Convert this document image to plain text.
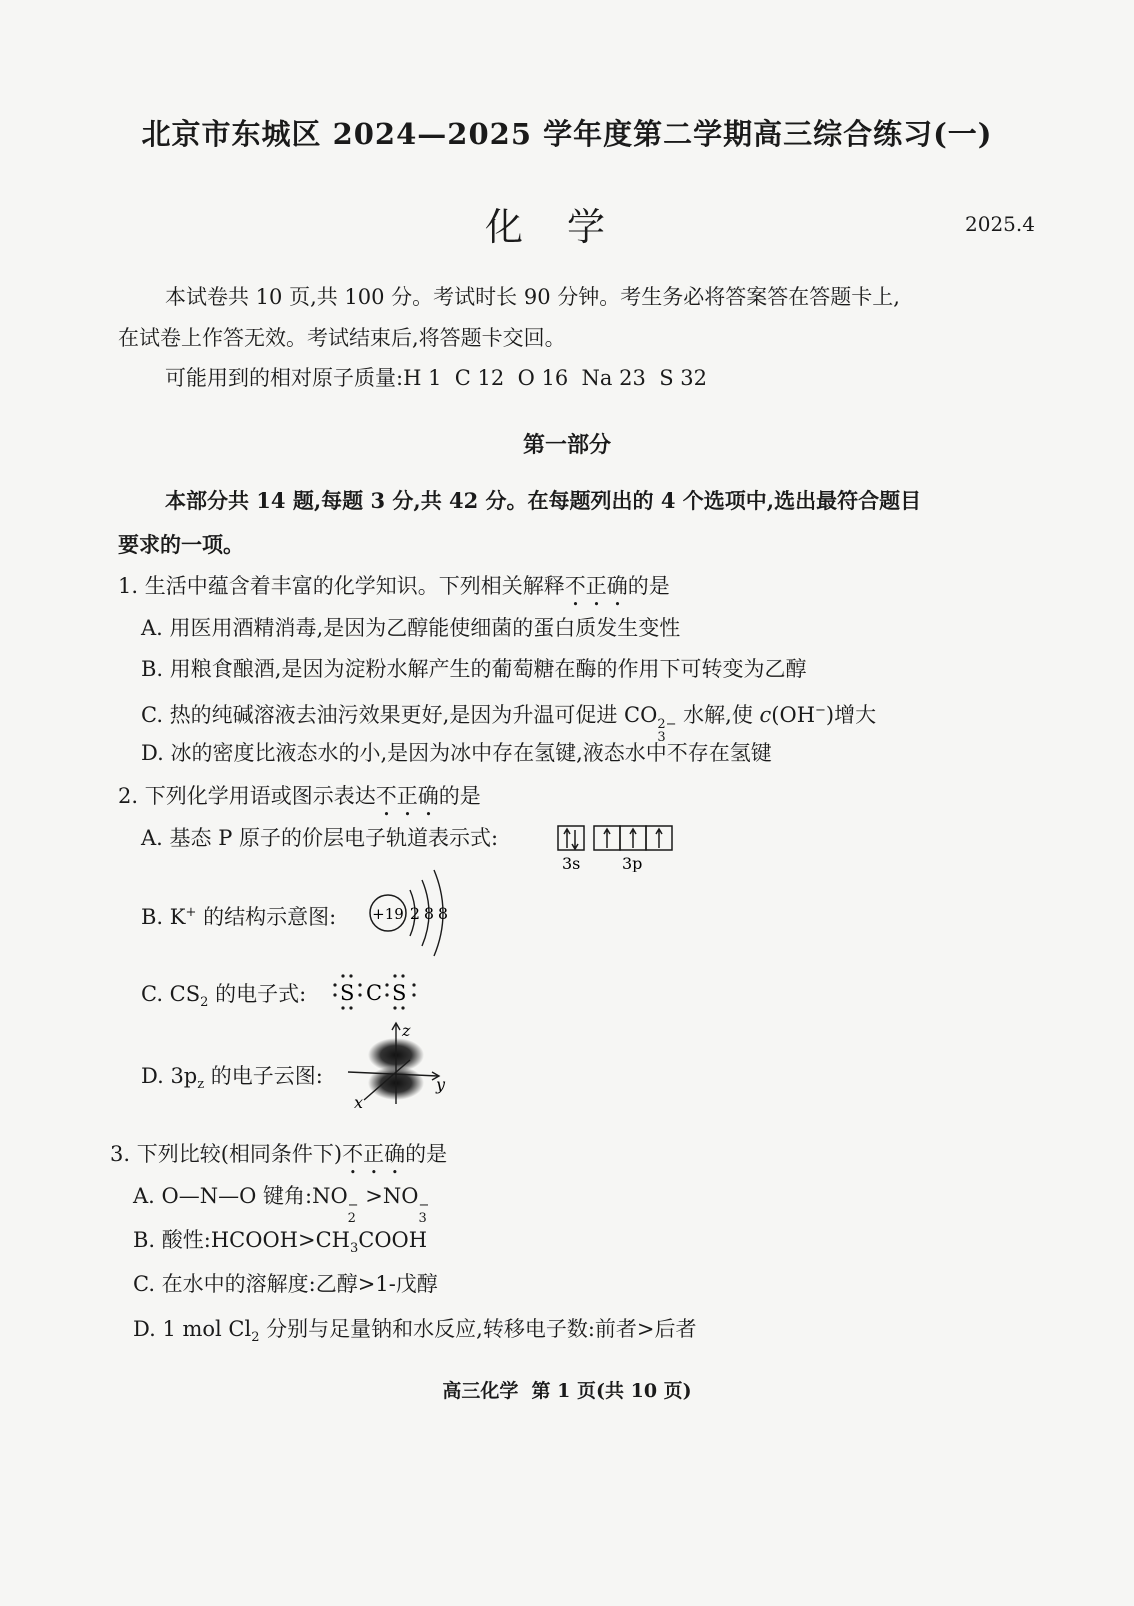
北京市东城区 2024—2025 学年度第二学期高三综合练习(一)
化学	2025.4
本试卷共 10 页,共 100 分。考试时长 90 分钟。考生务必将答案答在答题卡上,
在试卷上作答无效。考试结束后,将答题卡交回。
可能用到的相对原子质量:H 1  C 12  O 16  Na 23  S 32
第一部分
本部分共 14 题,每题 3 分,共 42 分。在每题列出的 4 个选项中,选出最符合题目
要求的一项。
1. 生活中蕴含着丰富的化学知识。下列相关解释不正确的是
A. 用医用酒精消毒,是因为乙醇能使细菌的蛋白质发生变性
B. 用粮食酿酒,是因为淀粉水解产生的葡萄糖在酶的作用下可转变为乙醇
C. 热的纯碱溶液去油污效果更好,是因为升温可促进 CO 2−
3
水解,使 c(OH−)增大
D. 冰的密度比液态水的小,是因为冰中存在氢键,液态水中不存在氢键
2. 下列化学用语或图示表达不正确的是
A. 基态 P 原子的价层电子轨道表示式:
3s	3p
B. K+ 的结构示意图: +19 2 8 8
C. $CS_2$ 的电子式: S C S
D. $3p_z$ 的电子云图:
z
y
x
3. 下列比较(相同条件下)不正确的是
A. O—N—O 键角:NO −
2
>NO −
3
B. 酸性$:HCOOH>CH_3COOH$
C. 在水中的溶解度:乙醇>1-戊醇
D. 1 mol $Cl_2$ 分别与足量钠和水反应,转移电子数:前者>后者
高三化学  第 1 页(共 10 页)
